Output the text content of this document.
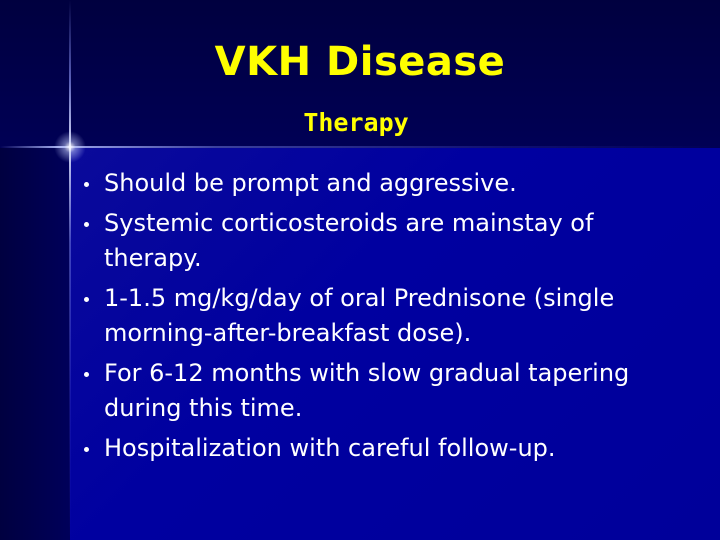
VKH Disease
Therapy
Should be prompt and aggressive.
Systemic corticosteroids are mainstay of therapy.
1-1.5 mg/kg/day of oral Prednisone (single morning-after-breakfast dose).
For 6-12 months with slow gradual tapering during this time.
Hospitalization with careful follow-up.
